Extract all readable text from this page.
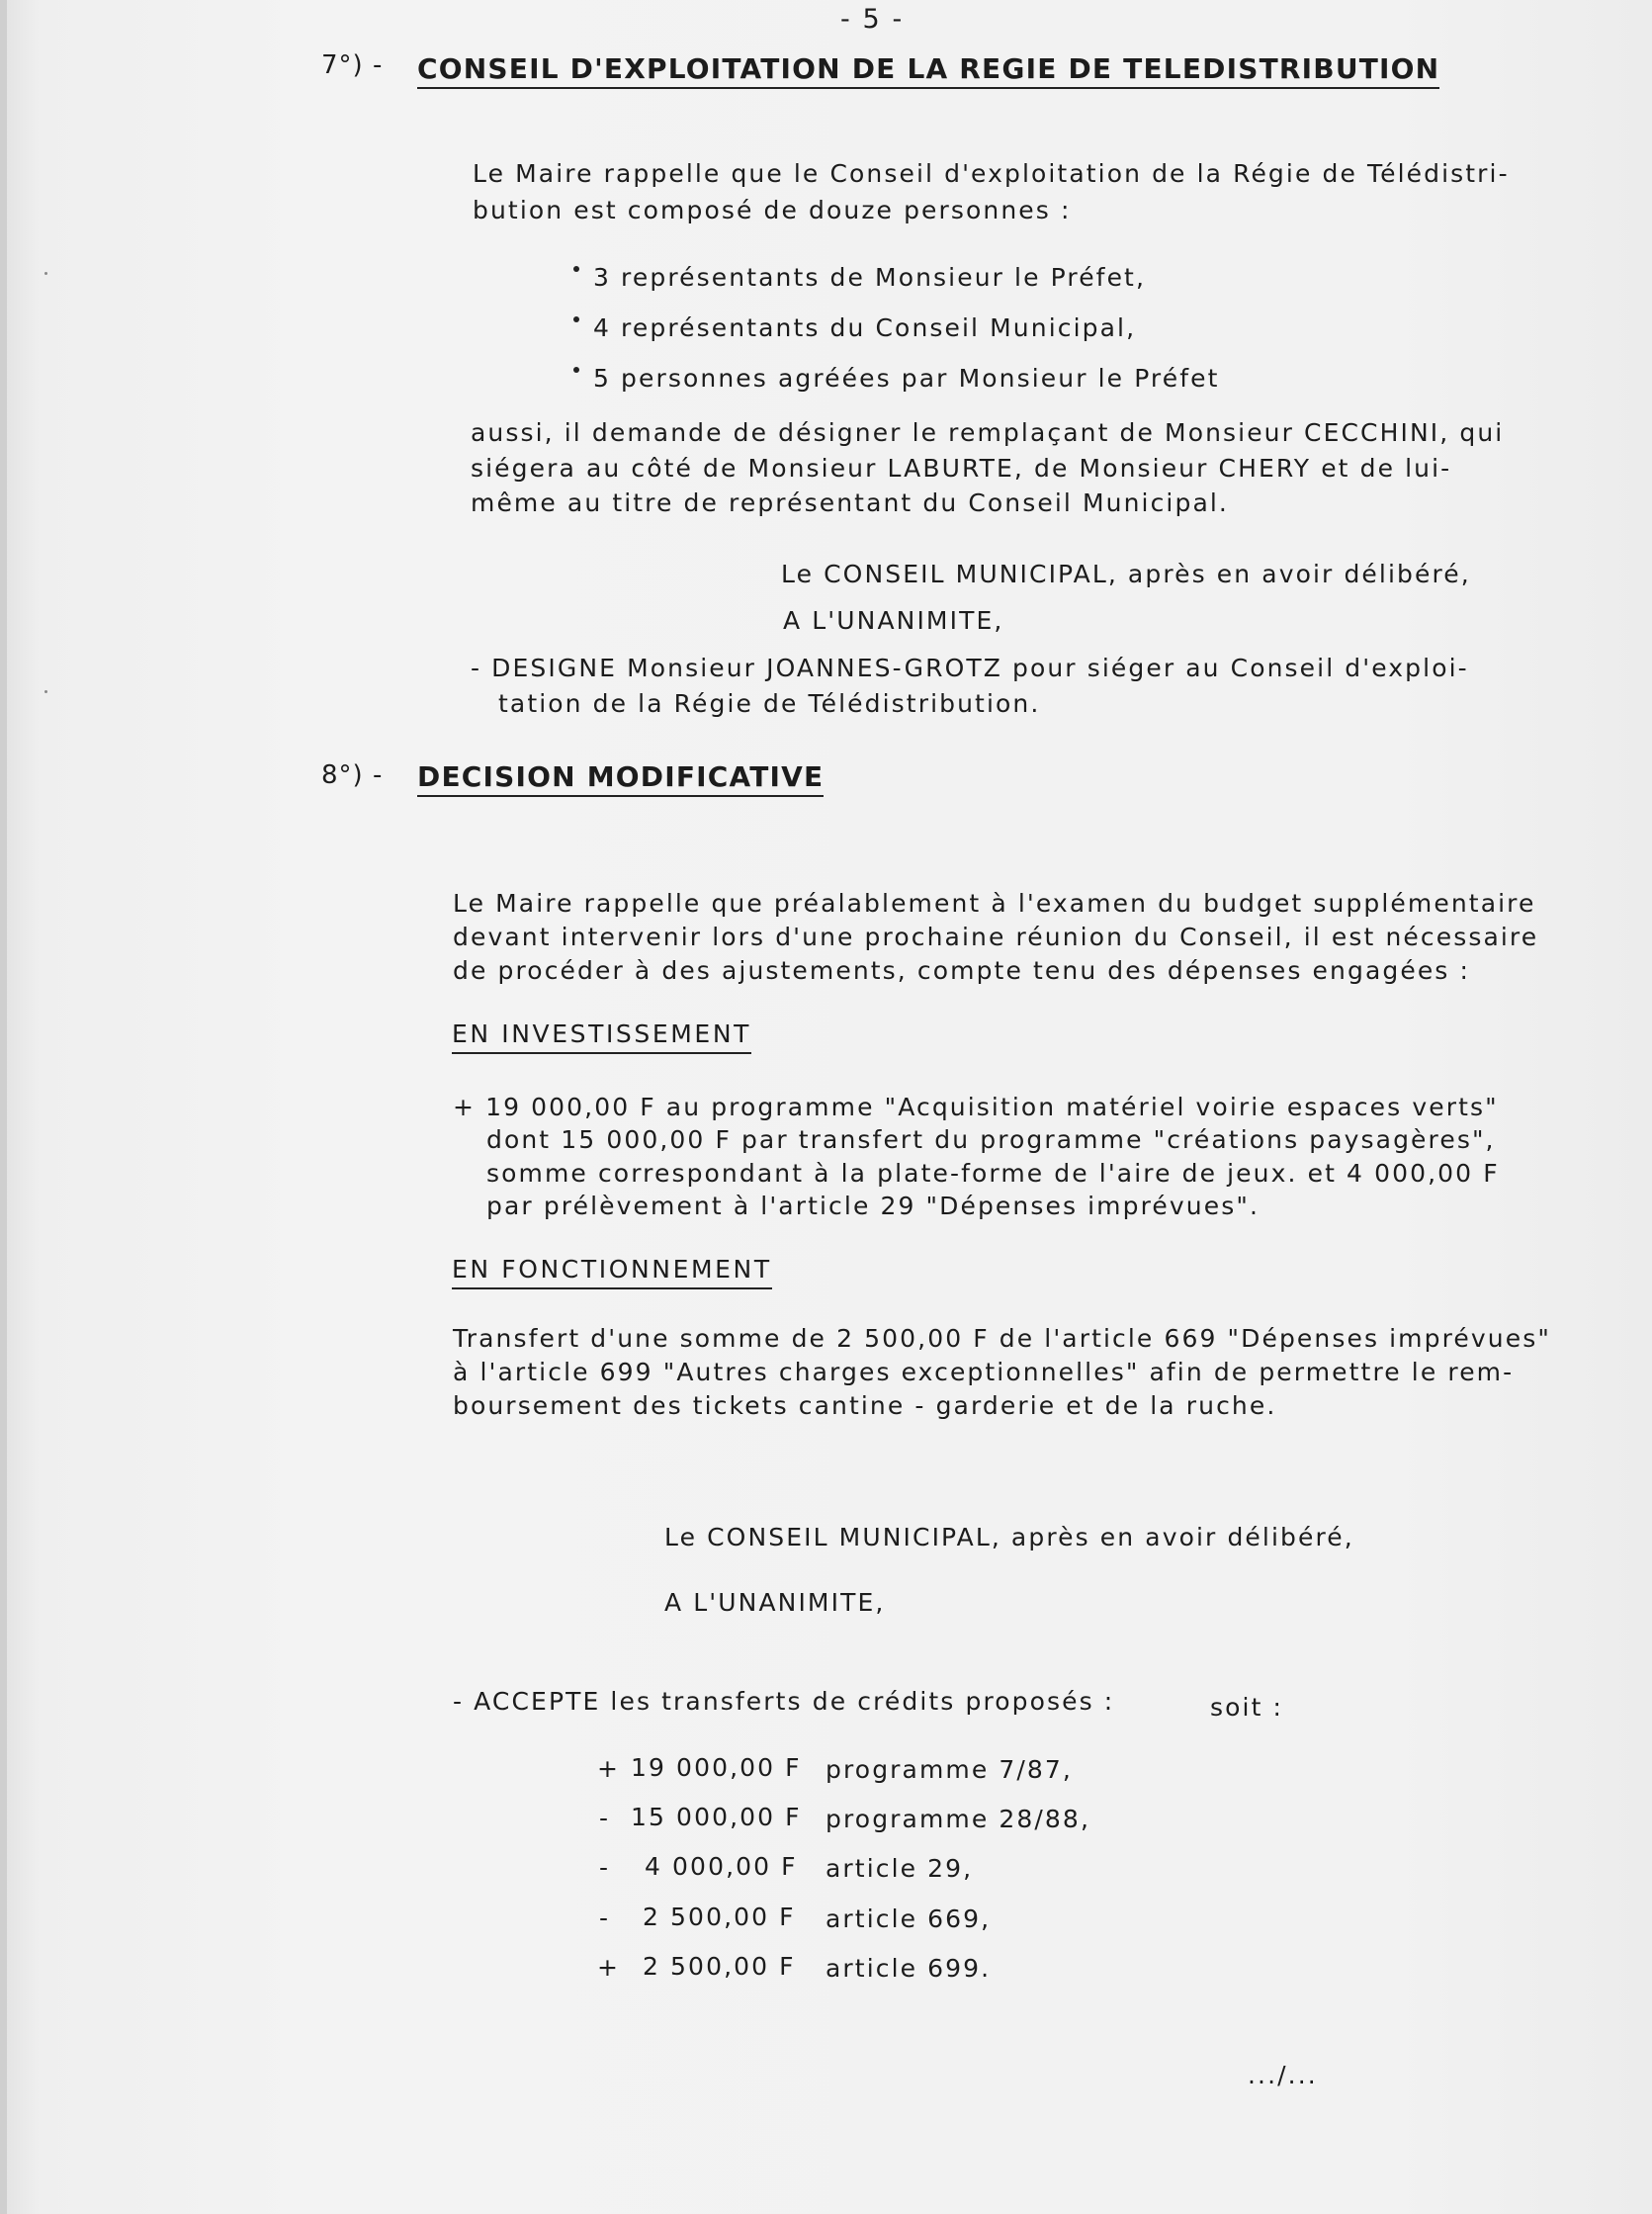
- 5 -
7°) - CONSEIL D'EXPLOITATION DE LA REGIE DE TELEDISTRIBUTION
Le Maire rappelle que le Conseil d'exploitation de la Régie de Télédistri-
bution est composé de douze personnes :
3 représentants de Monsieur le Préfet,
4 représentants du Conseil Municipal,
5 personnes agréées par Monsieur le Préfet
aussi, il demande de désigner le remplaçant de Monsieur CECCHINI, qui
siégera au côté de Monsieur LABURTE, de Monsieur CHERY et de lui-
même au titre de représentant du Conseil Municipal.
Le CONSEIL MUNICIPAL, après en avoir délibéré,
A L'UNANIMITE,
- DESIGNE Monsieur JOANNES-GROTZ pour siéger au Conseil d'exploi-
tation de la Régie de Télédistribution.
8°) - DECISION MODIFICATIVE
Le Maire rappelle que préalablement à l'examen du budget supplémentaire
devant intervenir lors d'une prochaine réunion du Conseil, il est nécessaire
de procéder à des ajustements, compte tenu des dépenses engagées :
EN INVESTISSEMENT
+ 19 000,00 F au programme "Acquisition matériel voirie espaces verts"
dont 15 000,00 F par transfert du programme "créations paysagères",
somme correspondant à la plate-forme de l'aire de jeux. et 4 000,00 F
par prélèvement à l'article 29 "Dépenses imprévues".
EN FONCTIONNEMENT
Transfert d'une somme de 2 500,00 F de l'article 669 "Dépenses imprévues"
à l'article 699 "Autres charges exceptionnelles" afin de permettre le rem-
boursement des tickets cantine - garderie et de la ruche.
Le CONSEIL MUNICIPAL, après en avoir délibéré,
A L'UNANIMITE,
- ACCEPTE les transferts de crédits proposés :	soit :
+ 19 000,00 F programme 7/87,
- 15 000,00 F programme 28/88,
- 4 000,00 F article 29,
- 2 500,00 F article 669,
+ 2 500,00 F article 699.
.../...
